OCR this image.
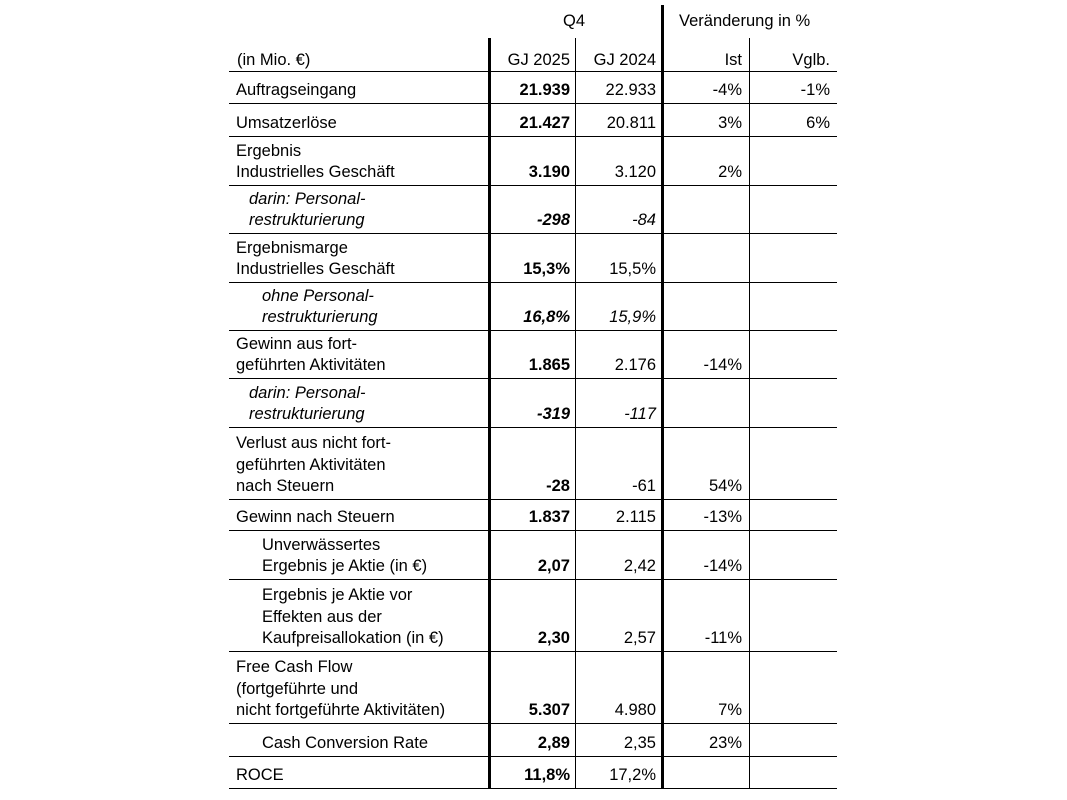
Q4	Veränderung in %
(in Mio. €)	GJ 2025	GJ 2024	Ist	Vglb.
Auftragseingang	21.939	22.933	-4%	-1%
Umsatzerlöse	21.427	20.811	3%	6%
Ergebnis
Industrielles Geschäft	3.190	3.120	2%
darin: Personal-
restrukturierung	-298	-84
Ergebnismarge
Industrielles Geschäft	15,3%	15,5%
ohne Personal-
restrukturierung	16,8%	15,9%
Gewinn aus fort-
geführten Aktivitäten	1.865	2.176	-14%
darin: Personal-
restrukturierung	-319	-117
Verlust aus nicht fort-
geführten Aktivitäten
nach Steuern	-28	-61	54%
Gewinn nach Steuern	1.837	2.115	-13%
Unverwässertes
Ergebnis je Aktie (in €)	2,07	2,42	-14%
Ergebnis je Aktie vor
Effekten aus der
Kaufpreisallokation (in €)	2,30	2,57	-11%
Free Cash Flow
(fortgeführte und
nicht fortgeführte Aktivitäten)	5.307	4.980	7%
Cash Conversion Rate	2,89	2,35	23%
ROCE	11,8%	17,2%
